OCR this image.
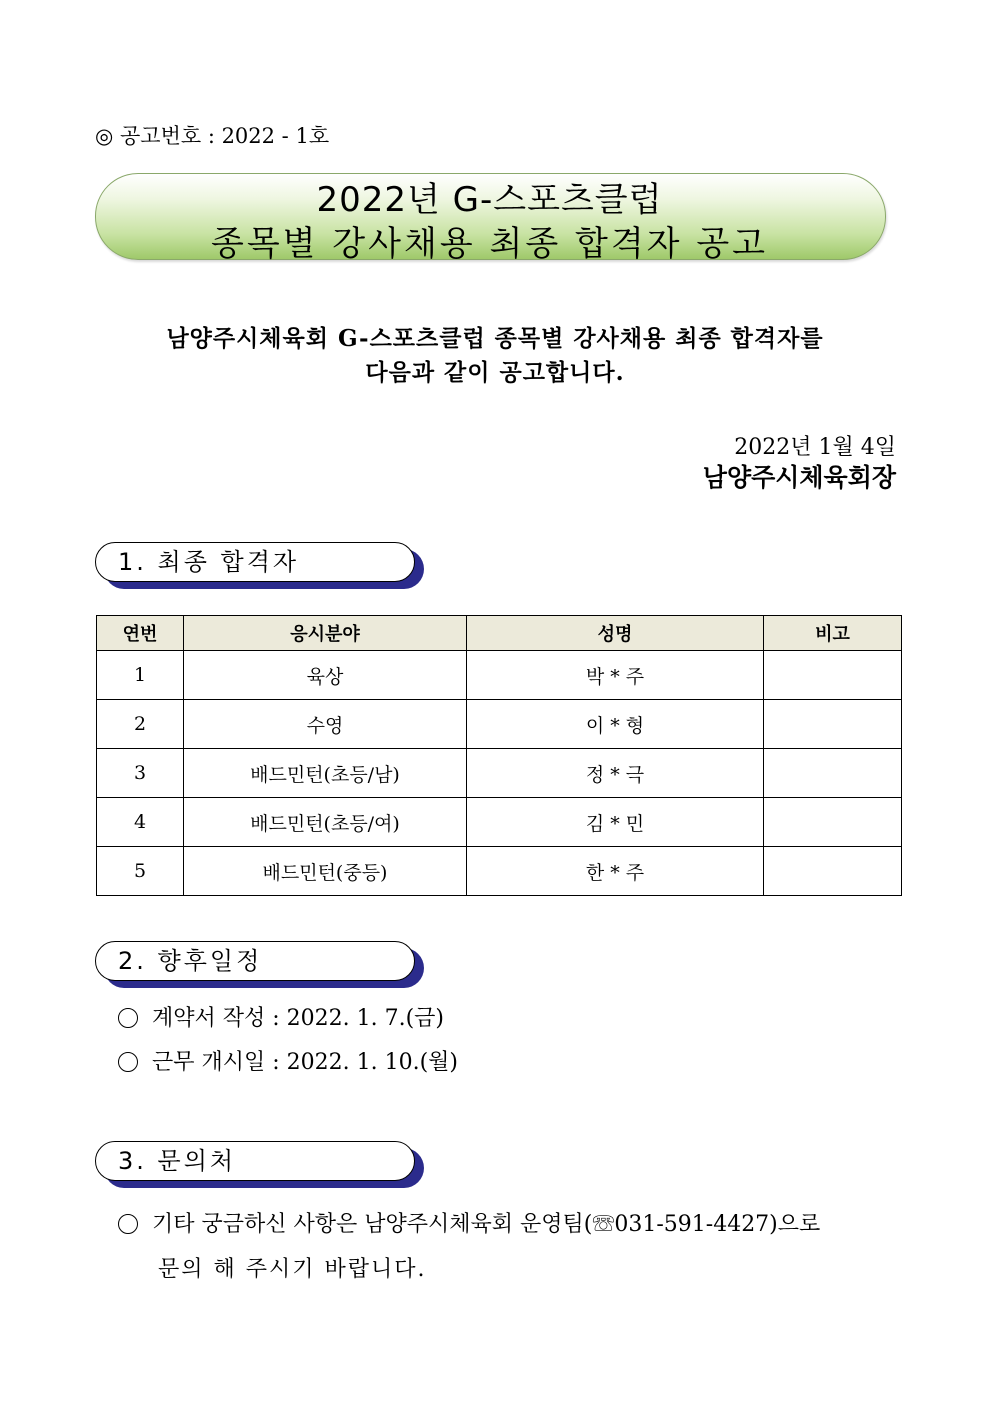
◎ 공고번호 : 2022 - 1호
2022년 G-스포츠클럽
종목별 강사채용 최종 합격자 공고
남양주시체육회 G-스포츠클럽 종목별 강사채용 최종 합격자를
다음과 같이 공고합니다.
2022년 1월 4일
남양주시체육회장
1. 최종 합격자
연번	응시분야	성명	비고
1	육상	박 * 주	
2	수영	이 * 형	
3	배드민턴(초등/남)	정 * 극	
4	배드민턴(초등/여)	김 * 민	
5	배드민턴(중등)	한 * 주	
2. 향후일정
계약서 작성 : 2022. 1. 7.(금)
근무 개시일 : 2022. 1. 10.(월)
3. 문의처
기타 궁금하신 사항은 남양주시체육회 운영팀(☏031-591-4427)으로
문의 해 주시기 바랍니다.
